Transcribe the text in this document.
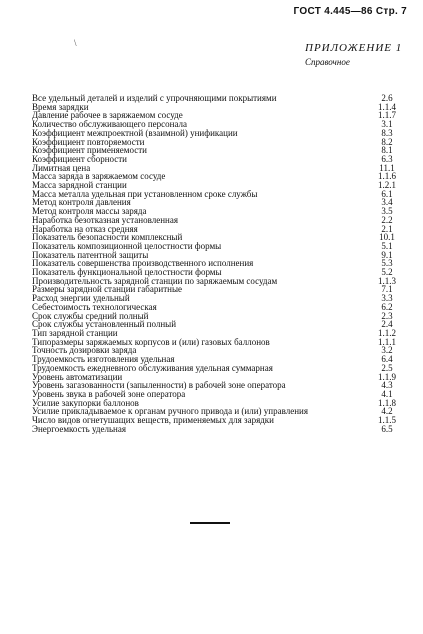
ГОСТ 4.445—86 Стр. 7
\	ПРИЛОЖЕНИЕ 1
Справочное
Все удельный деталей и изделий с упрочняющими покрытиями	2.6
Время зарядки	1.1.4
Давление рабочее в заряжаемом сосуде	1.1.7
Количество обслуживающего персонала	3.1
Коэффициент межпроектной (взаимной) унификации	8.3
Коэффициент повторяемости	8.2
Коэффициент применяемости	8.1
Коэффициент сборности	6.3
Лимитная цена	11.1
Масса заряда в заряжаемом сосуде	1.1.6
Масса зарядной станции	1.2.1
Масса металла удельная при установленном сроке службы	6.1
Метод контроля давления	3.4
Метод контроля массы заряда	3.5
Наработка безотказная установленная	2.2
Наработка на отказ средняя	2.1
Показатель безопасности комплексный	10.1
Показатель композиционной целостности формы	5.1
Показатель патентной защиты	9.1
Показатель совершенства производственного исполнения	5.3
Показатель функциональной целостности формы	5.2
Производительность зарядной станции по заряжаемым сосудам	1.1.3
Размеры зарядной станции габаритные	7.1
Расход энергии удельный	3.3
Себестоимость технологическая	6.2
Срок службы средний полный	2.3
Срок службы установленный полный	2.4
Тип зарядной станции	1.1.2
Типоразмеры заряжаемых корпусов и (или) газовых баллонов	1.1.1
Точность дозировки заряда	3.2
Трудоемкость изготовления удельная	6.4
Трудоемкость ежедневного обслуживания удельная суммарная	2.5
Уровень автоматизации	1.1.9
Уровень загазованности (запыленности) в рабочей зоне оператора	4.3
Уровень звука в рабочей зоне оператора	4.1
Усилие закупорки баллонов	1.1.8
Усилие прикладываемое к органам ручного привода и (или) управления	4.2
Число видов огнетушащих веществ, применяемых для зарядки	1.1.5
Энергоемкость удельная	6.5
